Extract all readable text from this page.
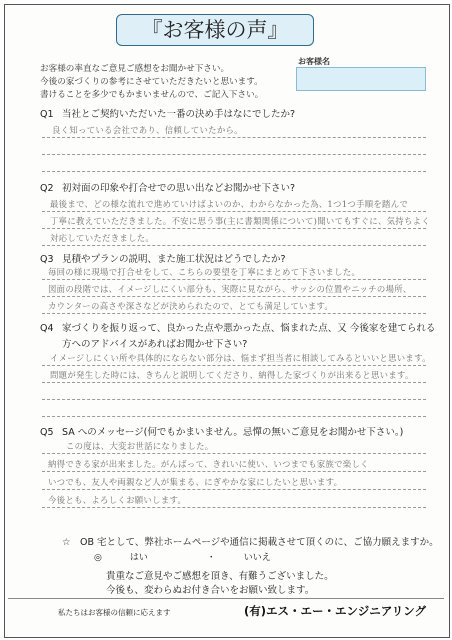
『お客様の声』
お客様の率直なご意見ご感想をお聞かせ下さい。
今後の家づくりの参考にさせていただきたいと思います。
書けることを多少でもかまいませんので、ご記入下さい。
お客様名
Q1 当社とご契約いただいた一番の決め手はなにでしたか?
良く知っている会社であり、信頼していたから。
Q2 初対面の印象や打合せでの思い出などお聞かせ下さい?
最後まで、どの様な流れで進めていけばよいのか、わからなかった為、1つ1つ手順を踏んで
丁寧に教えていただきました。不安に思う事(主に書類関係について)聞いてもすぐに、気持ちよく
対応していただきました。
Q3 見積やプランの説明、また施工状況はどうでしたか?
毎回の様に現場で打合せをして、こちらの要望を丁寧にまとめて下さいました。
図面の段階では、イメージしにくい部分も、実際に見ながら、サッシの位置やニッチの場所、
カウンターの高さや深さなどが決められたので、とても満足しています。
Q4 家づくりを振り返って、良かった点や悪かった点、悩まれた点、又 今後家を建てられる
方へのアドバイスがあればお聞かせ下さい?
イメージしにくい所や具体的にならない部分は、悩まず担当者に相談してみるといいと思います。
問題が発生した時には、きちんと説明してくださり、納得した家づくりが出来ると思います。
Q5 SA へのメッセージ(何でもかまいません。忌憚の無いご意見をお聞かせ下さい。)
この度は、大変お世話になりました。
納得できる家が出来ました。がんばって、きれいに使い、いつまでも家族で楽しく
いつでも、友人や両親など人が集まる、にぎやかな家にしたいと思います。
今後とも、よろしくお願いします。
☆　OB 宅として、弊社ホームページや通信に掲載させて頂くのに、ご協力願えますか。
◎	はい	・	いいえ
貴重なご意見やご感想を頂き、有難うございました。
今後も、変わらぬお付き合いをお願い致します。
私たちはお客様の信頼に応えます	(有)エス・エー・エンジニアリング
